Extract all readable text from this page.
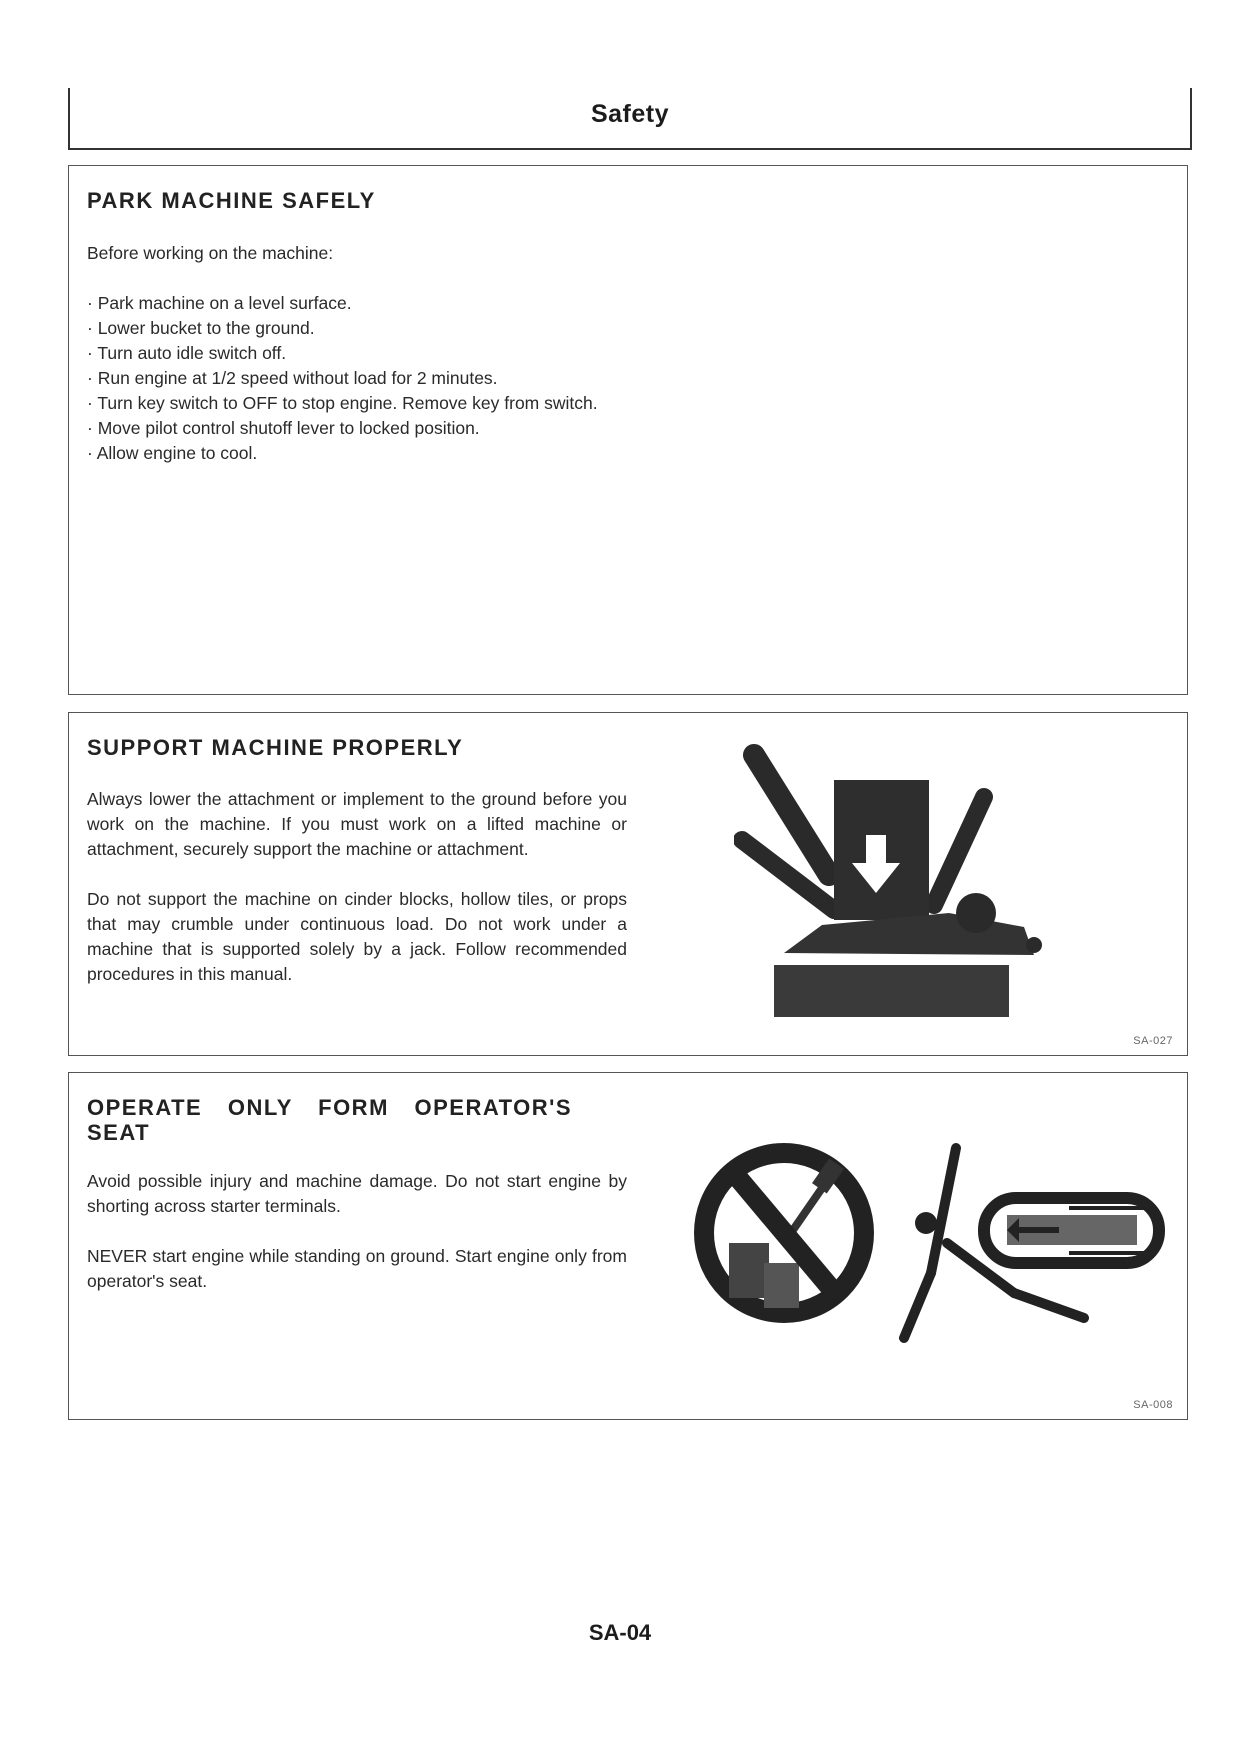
Safety
PARK MACHINE SAFELY

Before working on the machine:

· Park machine on a level surface.
· Lower bucket to the ground.
· Turn auto idle switch off.
· Run engine at 1/2 speed without load for 2 minutes.
· Turn key switch to OFF to stop engine. Remove key from switch.
· Move pilot control shutoff lever to locked position.
· Allow engine to cool.
SUPPORT MACHINE PROPERLY

Always lower the attachment or implement to the ground before you work on the machine. If you must work on a lifted machine or attachment, securely support the machine or attachment.

Do not support the machine on cinder blocks, hollow tiles, or props that may crumble under continuous load. Do not work under a machine that is supported solely by a jack. Follow recommended procedures in this manual.

SA-027
OPERATE ONLY FORM OPERATOR'S SEAT

Avoid possible injury and machine damage. Do not start engine by shorting across starter terminals.

NEVER start engine while standing on ground. Start engine only from operator's seat.

SA-008
SA-04
